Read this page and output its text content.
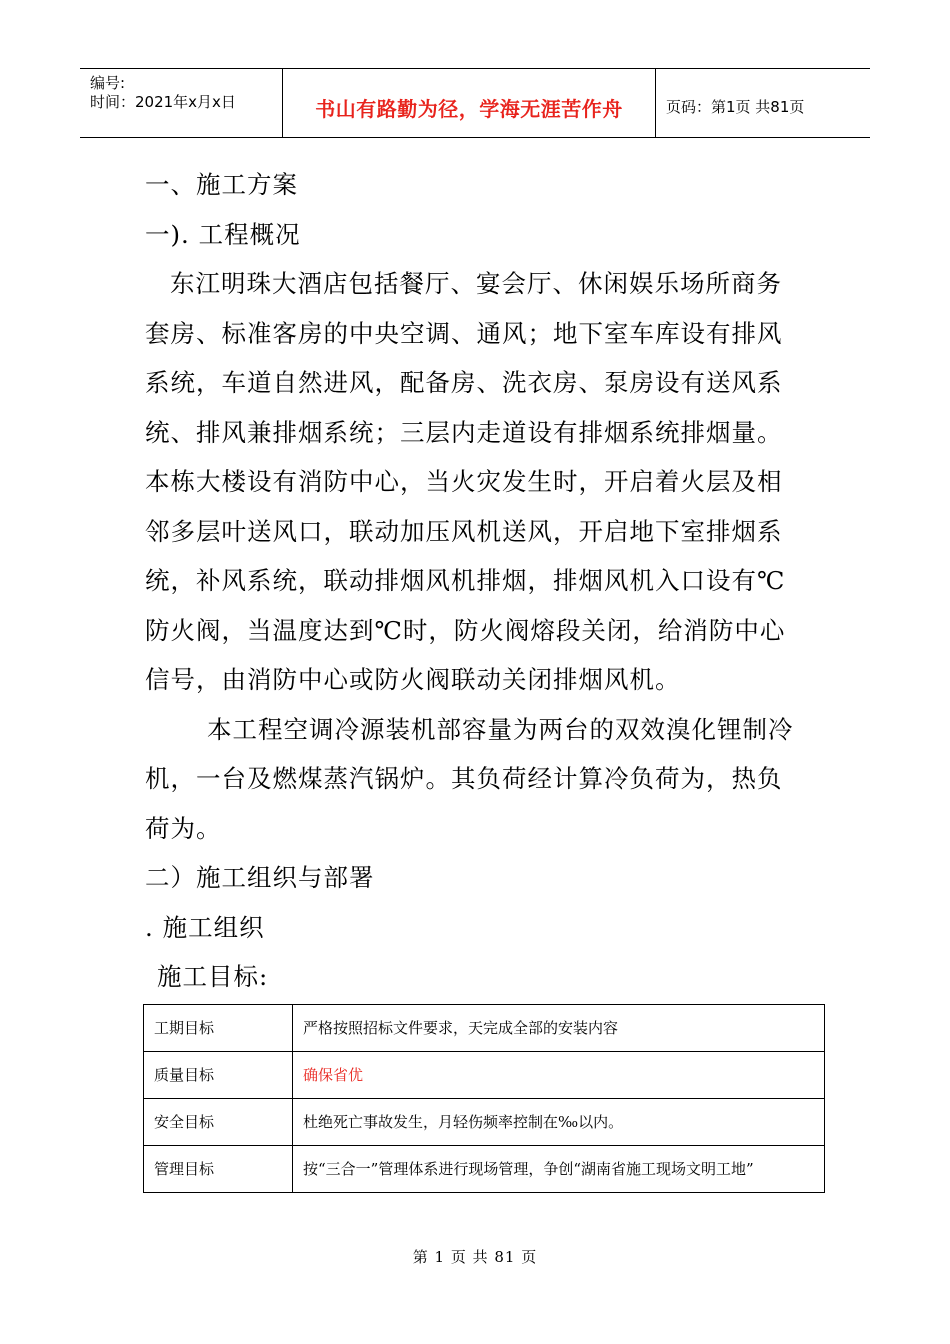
编号:
时间：2021年x月x日	书山有路勤为径，学海无涯苦作舟	页码：第1页 共81页
一、施工方案
一). 工程概况
东江明珠大酒店包括餐厅、宴会厅、休闲娱乐场所商务
套房、标准客房的中央空调、通风；地下室车库设有排风
系统，车道自然进风，配备房、洗衣房、泵房设有送风系
统、排风兼排烟系统；三层内走道设有排烟系统排烟量。
本栋大楼设有消防中心，当火灾发生时，开启着火层及相
邻多层叶送风口，联动加压风机送风，开启地下室排烟系
统，补风系统，联动排烟风机排烟，排烟风机入口设有℃
防火阀，当温度达到℃时，防火阀熔段关闭，给消防中心
信号，由消防中心或防火阀联动关闭排烟风机。
本工程空调冷源装机部容量为两台的双效溴化锂制冷
机，一台及燃煤蒸汽锅炉。其负荷经计算冷负荷为，热负
荷为。
二）施工组织与部署
. 施工组织
施工目标:
工期目标	严格按照招标文件要求，天完成全部的安装内容
质量目标	确保省优
安全目标	杜绝死亡事故发生，月轻伤频率控制在‰以内。
管理目标	按“三合一”管理体系进行现场管理，争创“湖南省施工现场文明工地”
第 1 页 共 81 页
